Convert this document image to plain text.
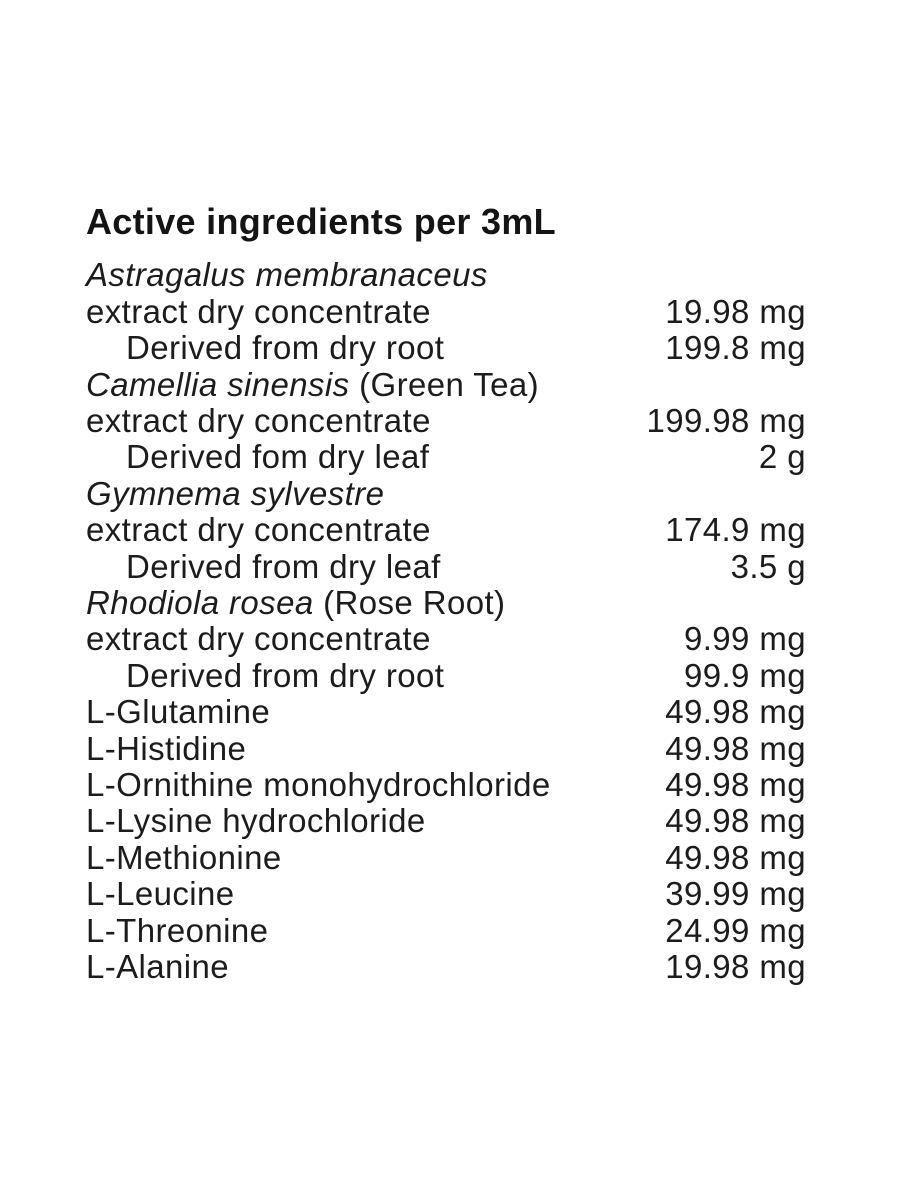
Active ingredients per 3mL
Astragalus membranaceus
extract dry concentrate	19.98 mg
Derived from dry root	199.8 mg
Camellia sinensis (Green Tea)
extract dry concentrate	199.98 mg
Derived fom dry leaf	2 g
Gymnema sylvestre
extract dry concentrate	174.9 mg
Derived from dry leaf	3.5 g
Rhodiola rosea (Rose Root)
extract dry concentrate	9.99 mg
Derived from dry root	99.9 mg
L-Glutamine	49.98 mg
L-Histidine	49.98 mg
L-Ornithine monohydrochloride	49.98 mg
L-Lysine hydrochloride	49.98 mg
L-Methionine	49.98 mg
L-Leucine	39.99 mg
L-Threonine	24.99 mg
L-Alanine	19.98 mg
